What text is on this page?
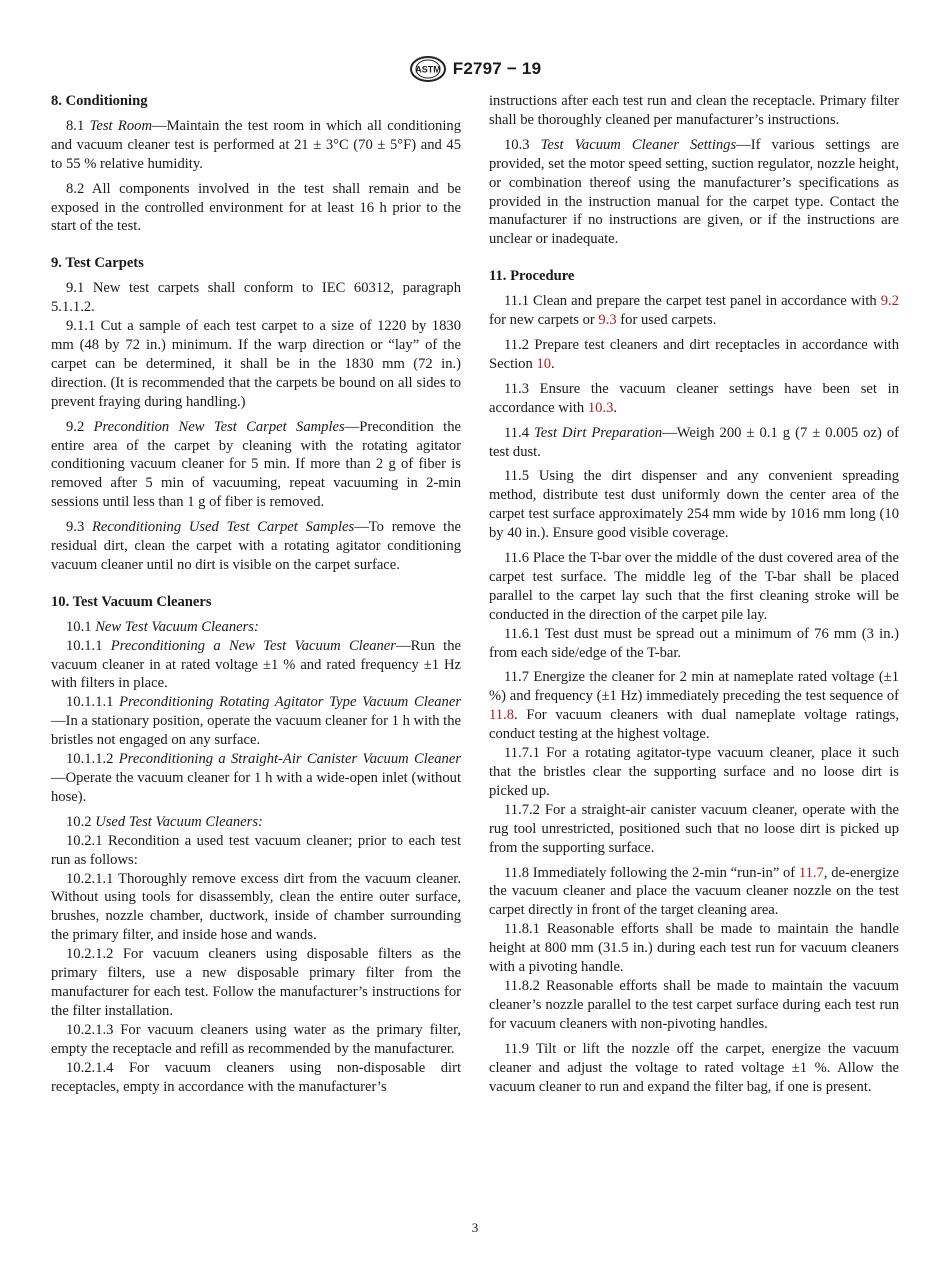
ASTM F2797 − 19

8. Conditioning

8.1 Test Room—Maintain the test room in which all conditioning and vacuum cleaner test is performed at 21 ± 3°C (70 ± 5°F) and 45 to 55 % relative humidity.

8.2 All components involved in the test shall remain and be exposed in the controlled environment for at least 16 h prior to the start of the test.

9. Test Carpets

9.1 New test carpets shall conform to IEC 60312, paragraph 5.1.1.2.

9.1.1 Cut a sample of each test carpet to a size of 1220 by 1830 mm (48 by 72 in.) minimum. If the warp direction or “lay” of the carpet can be determined, it shall be in the 1830 mm (72 in.) direction. (It is recommended that the carpets be bound on all sides to prevent fraying during handling.)

9.2 Precondition New Test Carpet Samples—Precondition the entire area of the carpet by cleaning with the rotating agitator conditioning vacuum cleaner for 5 min. If more than 2 g of fiber is removed after 5 min of vacuuming, repeat vacuuming in 2-min sessions until less than 1 g of fiber is removed.

9.3 Reconditioning Used Test Carpet Samples—To remove the residual dirt, clean the carpet with a rotating agitator conditioning vacuum cleaner until no dirt is visible on the carpet surface.

10. Test Vacuum Cleaners

10.1 New Test Vacuum Cleaners:

10.1.1 Preconditioning a New Test Vacuum Cleaner—Run the vacuum cleaner in at rated voltage ±1 % and rated frequency ±1 Hz with filters in place.

10.1.1.1 Preconditioning Rotating Agitator Type Vacuum Cleaner—In a stationary position, operate the vacuum cleaner for 1 h with the bristles not engaged on any surface.

10.1.1.2 Preconditioning a Straight-Air Canister Vacuum Cleaner—Operate the vacuum cleaner for 1 h with a wide-open inlet (without hose).

10.2 Used Test Vacuum Cleaners:

10.2.1 Recondition a used test vacuum cleaner; prior to each test run as follows:

10.2.1.1 Thoroughly remove excess dirt from the vacuum cleaner. Without using tools for disassembly, clean the entire outer surface, brushes, nozzle chamber, ductwork, inside of chamber surrounding the primary filter, and inside hose and wands.

10.2.1.2 For vacuum cleaners using disposable filters as the primary filters, use a new disposable primary filter from the manufacturer for each test. Follow the manufacturer’s instructions for the filter installation.

10.2.1.3 For vacuum cleaners using water as the primary filter, empty the receptacle and refill as recommended by the manufacturer.

10.2.1.4 For vacuum cleaners using non-disposable dirt receptacles, empty in accordance with the manufacturer’s

instructions after each test run and clean the receptacle. Primary filter shall be thoroughly cleaned per manufacturer’s instructions.

10.3 Test Vacuum Cleaner Settings—If various settings are provided, set the motor speed setting, suction regulator, nozzle height, or combination thereof using the manufacturer’s specifications as provided in the instruction manual for the carpet type. Contact the manufacturer if no instructions are given, or if the instructions are unclear or inadequate.

11. Procedure

11.1 Clean and prepare the carpet test panel in accordance with 9.2 for new carpets or 9.3 for used carpets.

11.2 Prepare test cleaners and dirt receptacles in accordance with Section 10.

11.3 Ensure the vacuum cleaner settings have been set in accordance with 10.3.

11.4 Test Dirt Preparation—Weigh 200 ± 0.1 g (7 ± 0.005 oz) of test dust.

11.5 Using the dirt dispenser and any convenient spreading method, distribute test dust uniformly down the center area of the carpet test surface approximately 254 mm wide by 1016 mm long (10 by 40 in.). Ensure good visible coverage.

11.6 Place the T-bar over the middle of the dust covered area of the carpet test surface. The middle leg of the T-bar shall be placed parallel to the carpet lay such that the first cleaning stroke will be conducted in the direction of the carpet pile lay.

11.6.1 Test dust must be spread out a minimum of 76 mm (3 in.) from each side/edge of the T-bar.

11.7 Energize the cleaner for 2 min at nameplate rated voltage (±1 %) and frequency (±1 Hz) immediately preceding the test sequence of 11.8. For vacuum cleaners with dual nameplate voltage ratings, conduct testing at the highest voltage.

11.7.1 For a rotating agitator-type vacuum cleaner, place it such that the bristles clear the supporting surface and no loose dirt is picked up.

11.7.2 For a straight-air canister vacuum cleaner, operate with the rug tool unrestricted, positioned such that no loose dirt is picked up from the supporting surface.

11.8 Immediately following the 2-min “run-in” of 11.7, de-energize the vacuum cleaner and place the vacuum cleaner nozzle on the test carpet directly in front of the target cleaning area.

11.8.1 Reasonable efforts shall be made to maintain the handle height at 800 mm (31.5 in.) during each test run for vacuum cleaners with a pivoting handle.

11.8.2 Reasonable efforts shall be made to maintain the vacuum cleaner’s nozzle parallel to the test carpet surface during each test run for vacuum cleaners with non-pivoting handles.

11.9 Tilt or lift the nozzle off the carpet, energize the vacuum cleaner and adjust the voltage to rated voltage ±1 %. Allow the vacuum cleaner to run and expand the filter bag, if one is present.

3
